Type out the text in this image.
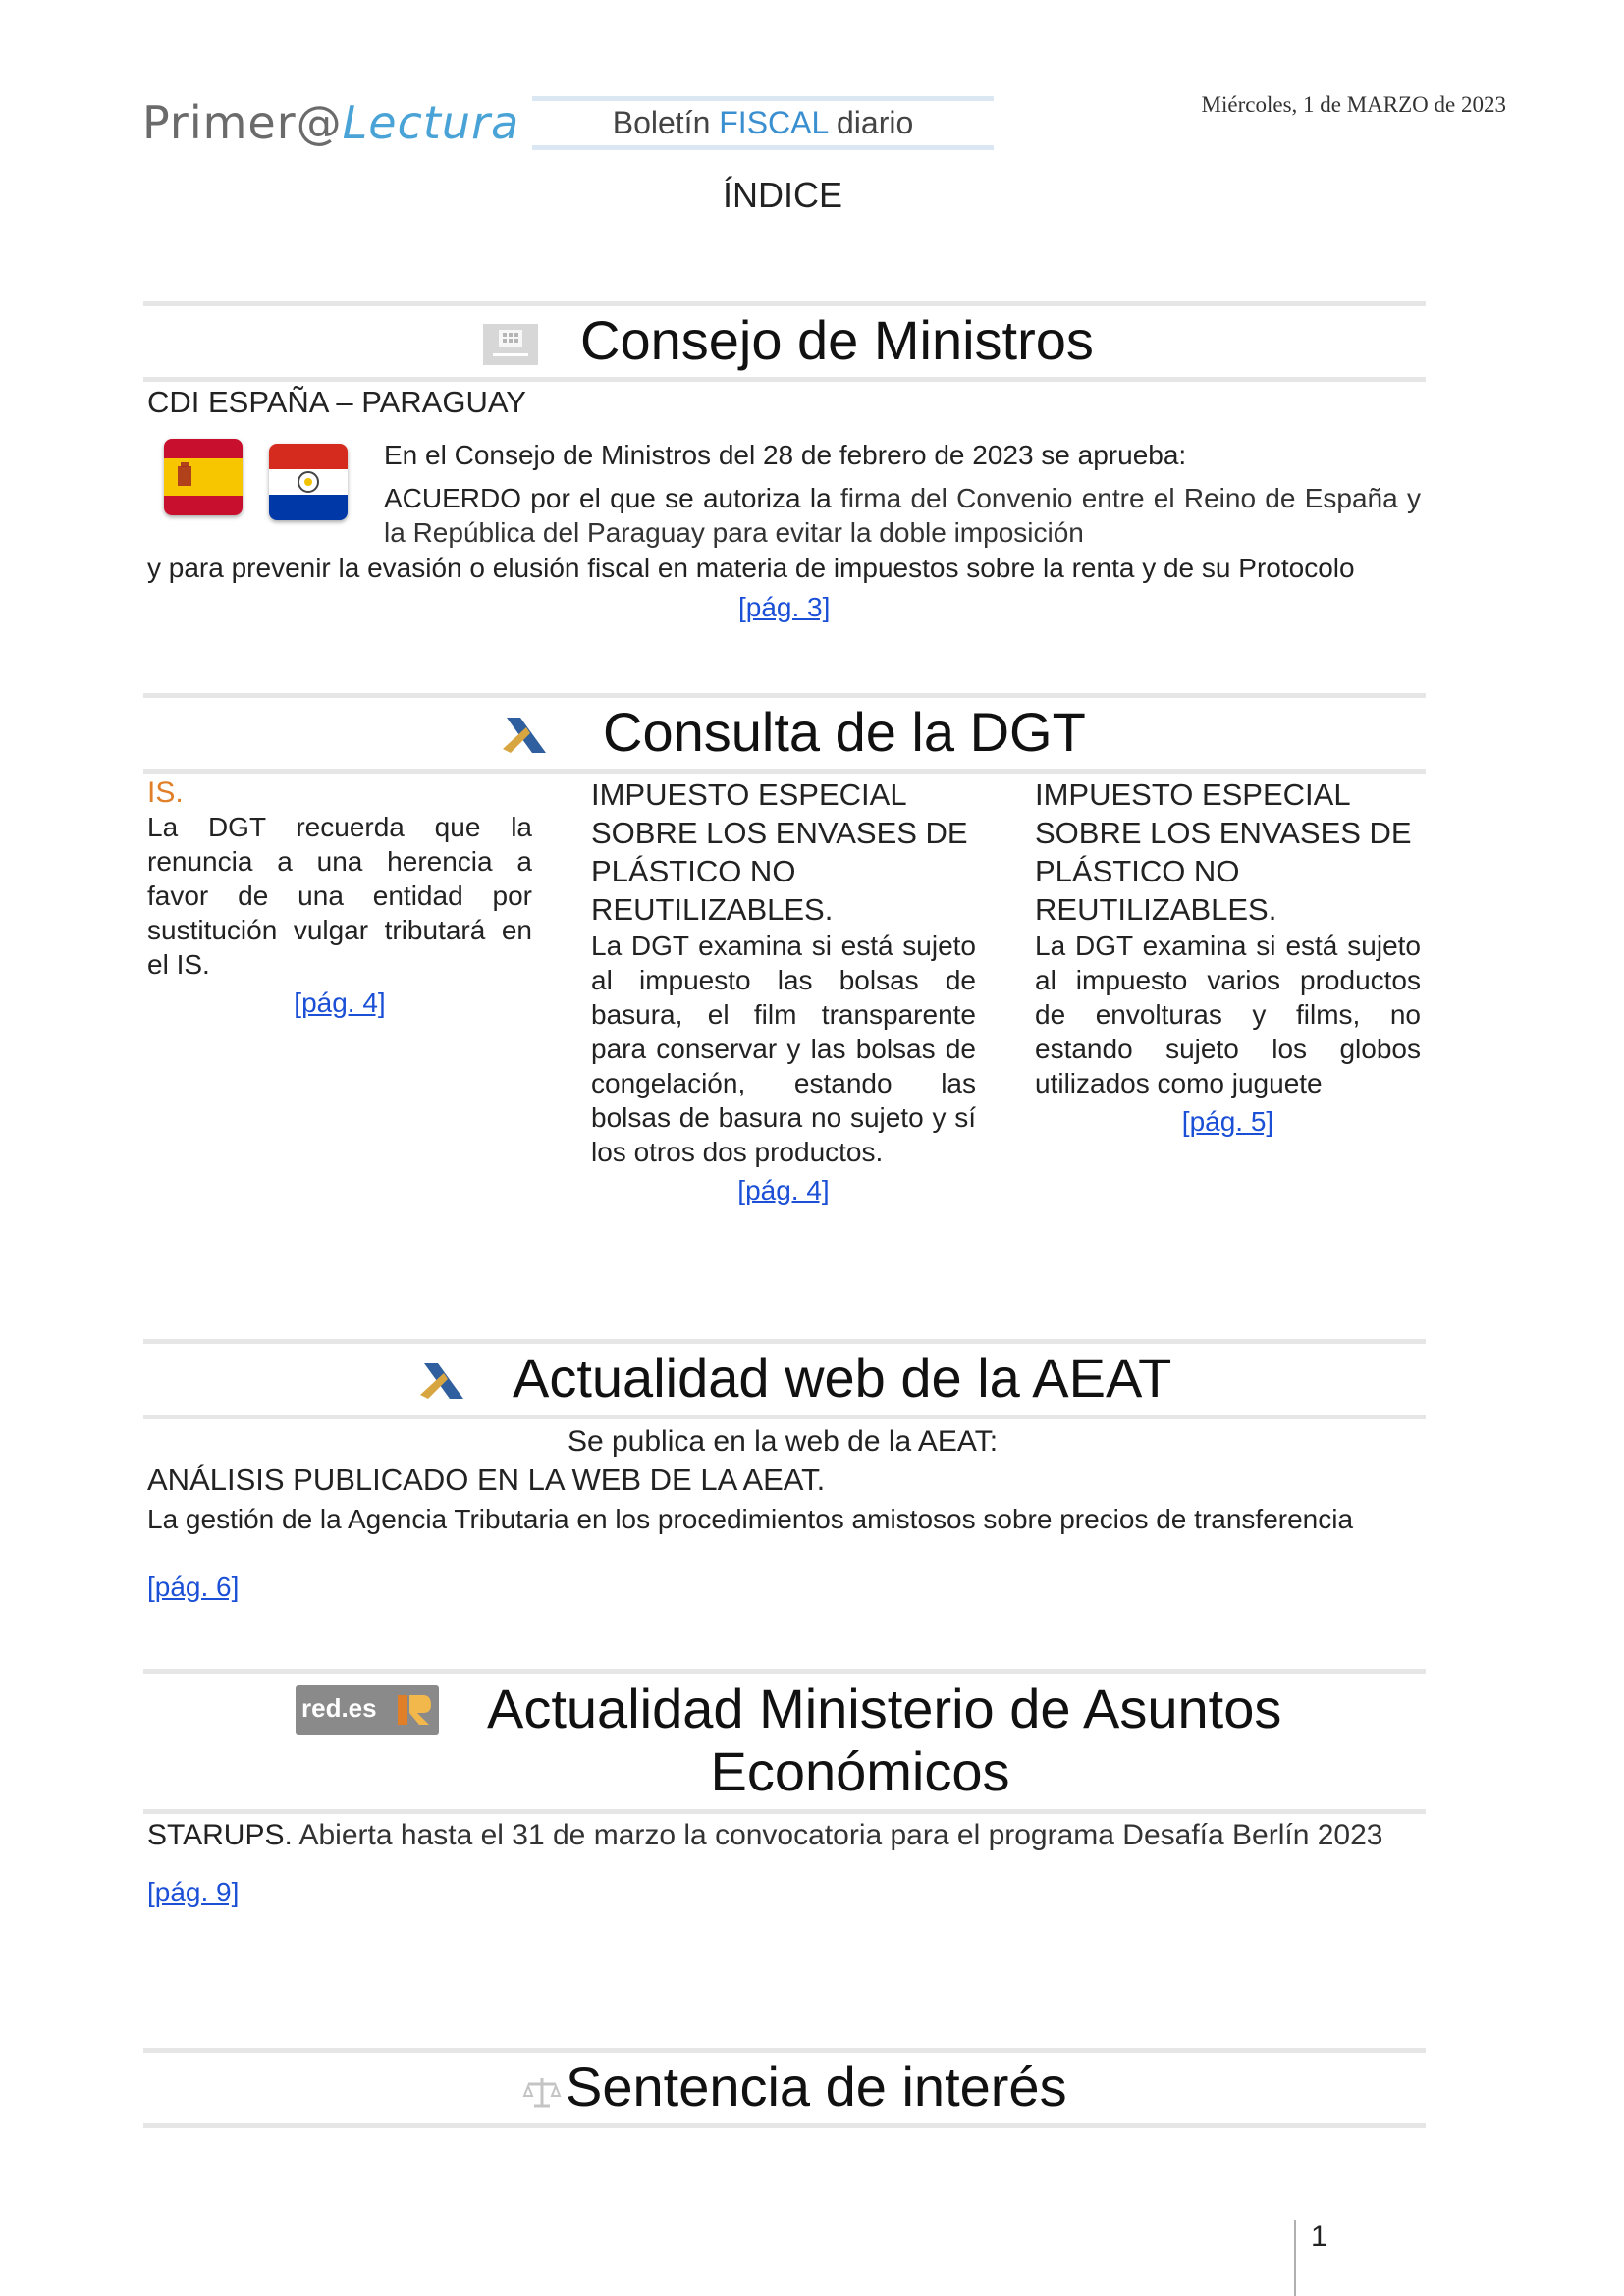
Primer@Lectura	Boletín FISCAL diario
Miércoles, 1 de MARZO de 2023
ÍNDICE
Consejo de Ministros
CDI ESPAÑA – PARAGUAY
En el Consejo de Ministros del 28 de febrero de 2023 se aprueba:
ACUERDO por el que se autoriza la firma del Convenio entre el Reino de España y la República del Paraguay para evitar la doble imposición
y para prevenir la evasión o elusión fiscal en materia de impuestos sobre la renta y de su Protocolo
[pág. 3]
Consulta de la DGT
IS.
La DGT recuerda que la renuncia a una herencia a favor de una entidad por sustitución vulgar tributará en el IS.
[pág. 4]
IMPUESTO ESPECIAL SOBRE LOS ENVASES DE PLÁSTICO NO REUTILIZABLES.
La DGT examina si está sujeto al impuesto las bolsas de basura, el film transparente para conservar y las bolsas de congelación, estando las bolsas de basura no sujeto y sí los otros dos productos.
[pág. 4]
IMPUESTO ESPECIAL SOBRE LOS ENVASES DE PLÁSTICO NO REUTILIZABLES.
La DGT examina si está sujeto al impuesto varios productos de envolturas y films, no estando sujeto los globos utilizados como juguete
[pág. 5]
Actualidad web de la AEAT
Se publica en la web de la AEAT:
ANÁLISIS PUBLICADO EN LA WEB DE LA AEAT.
La gestión de la Agencia Tributaria en los procedimientos amistosos sobre precios de transferencia
[pág. 6]
red.es Actualidad Ministerio de Asuntos
Económicos
STARUPS. Abierta hasta el 31 de marzo la convocatoria para el programa Desafía Berlín 2023
[pág. 9]
Sentencia de interés
1
